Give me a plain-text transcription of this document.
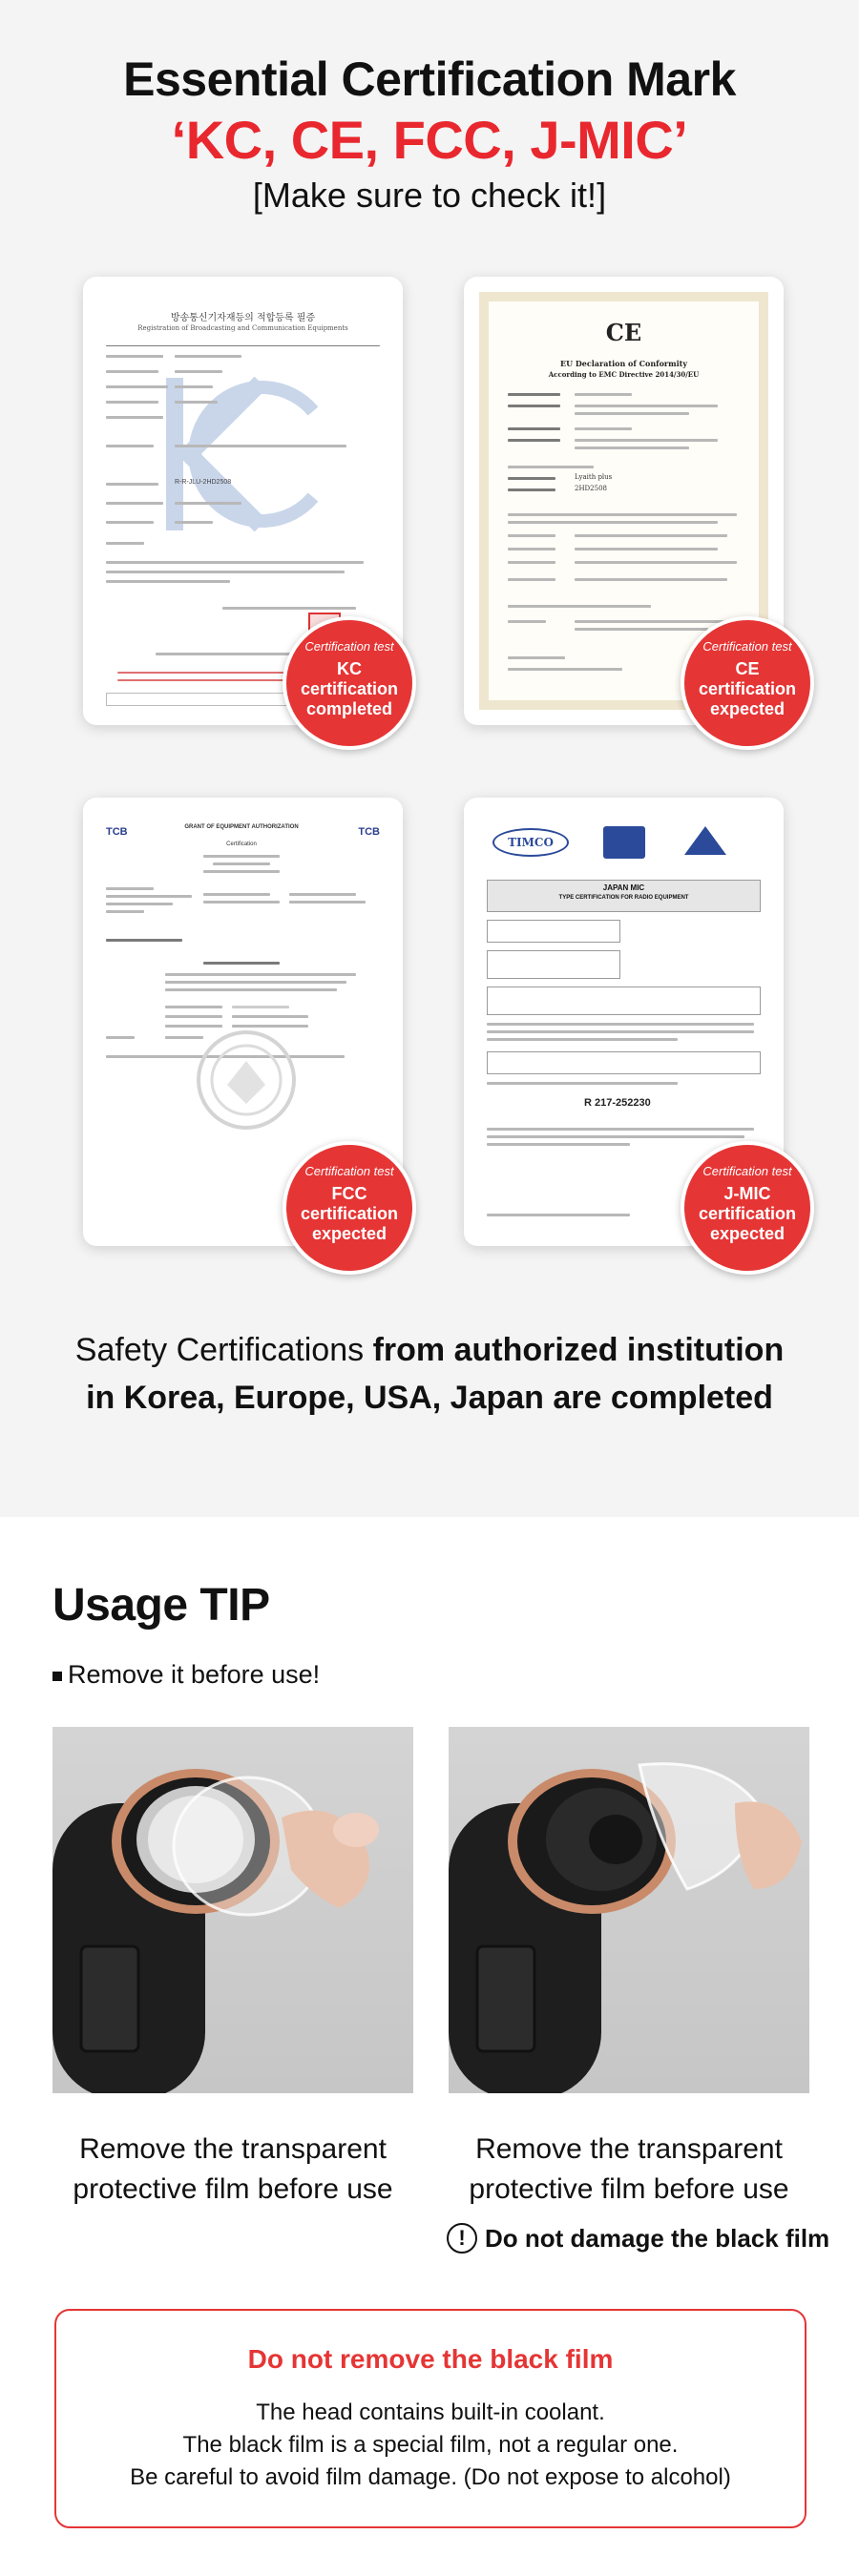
Essential Certification Mark
‘KC, CE, FCC, J-MIC’
[Make sure to check it!]
방송통신기자재등의 적합등록 필증
Registration of Broadcasting and Communication Equipments
R-R-JLU-2HD2508
CE
EU Declaration of Conformity
According to EMC Directive 2014/30/EU
Lyaith plus
2HD2508
TCB	TCB
GRANT OF EQUIPMENT AUTHORIZATION
Certification	TIMCO
JAPAN MIC
TYPE CERTIFICATION FOR RADIO EQUIPMENT
R 217-252230
Certification test
KC
certification
completed
Certification test
CE
certification
expected
Certification test
FCC
certification
expected
Certification test
J-MIC
certification
expected
Safety Certifications from authorized institution
in Korea, Europe, USA, Japan are completed
Usage TIP
Remove it before use!
Remove the transparent
protective film before use
Remove the transparent
protective film before use
! Do not damage the black film
Do not remove the black film
The head contains built-in coolant.
The black film is a special film, not a regular one.
Be careful to avoid film damage. (Do not expose to alcohol)
